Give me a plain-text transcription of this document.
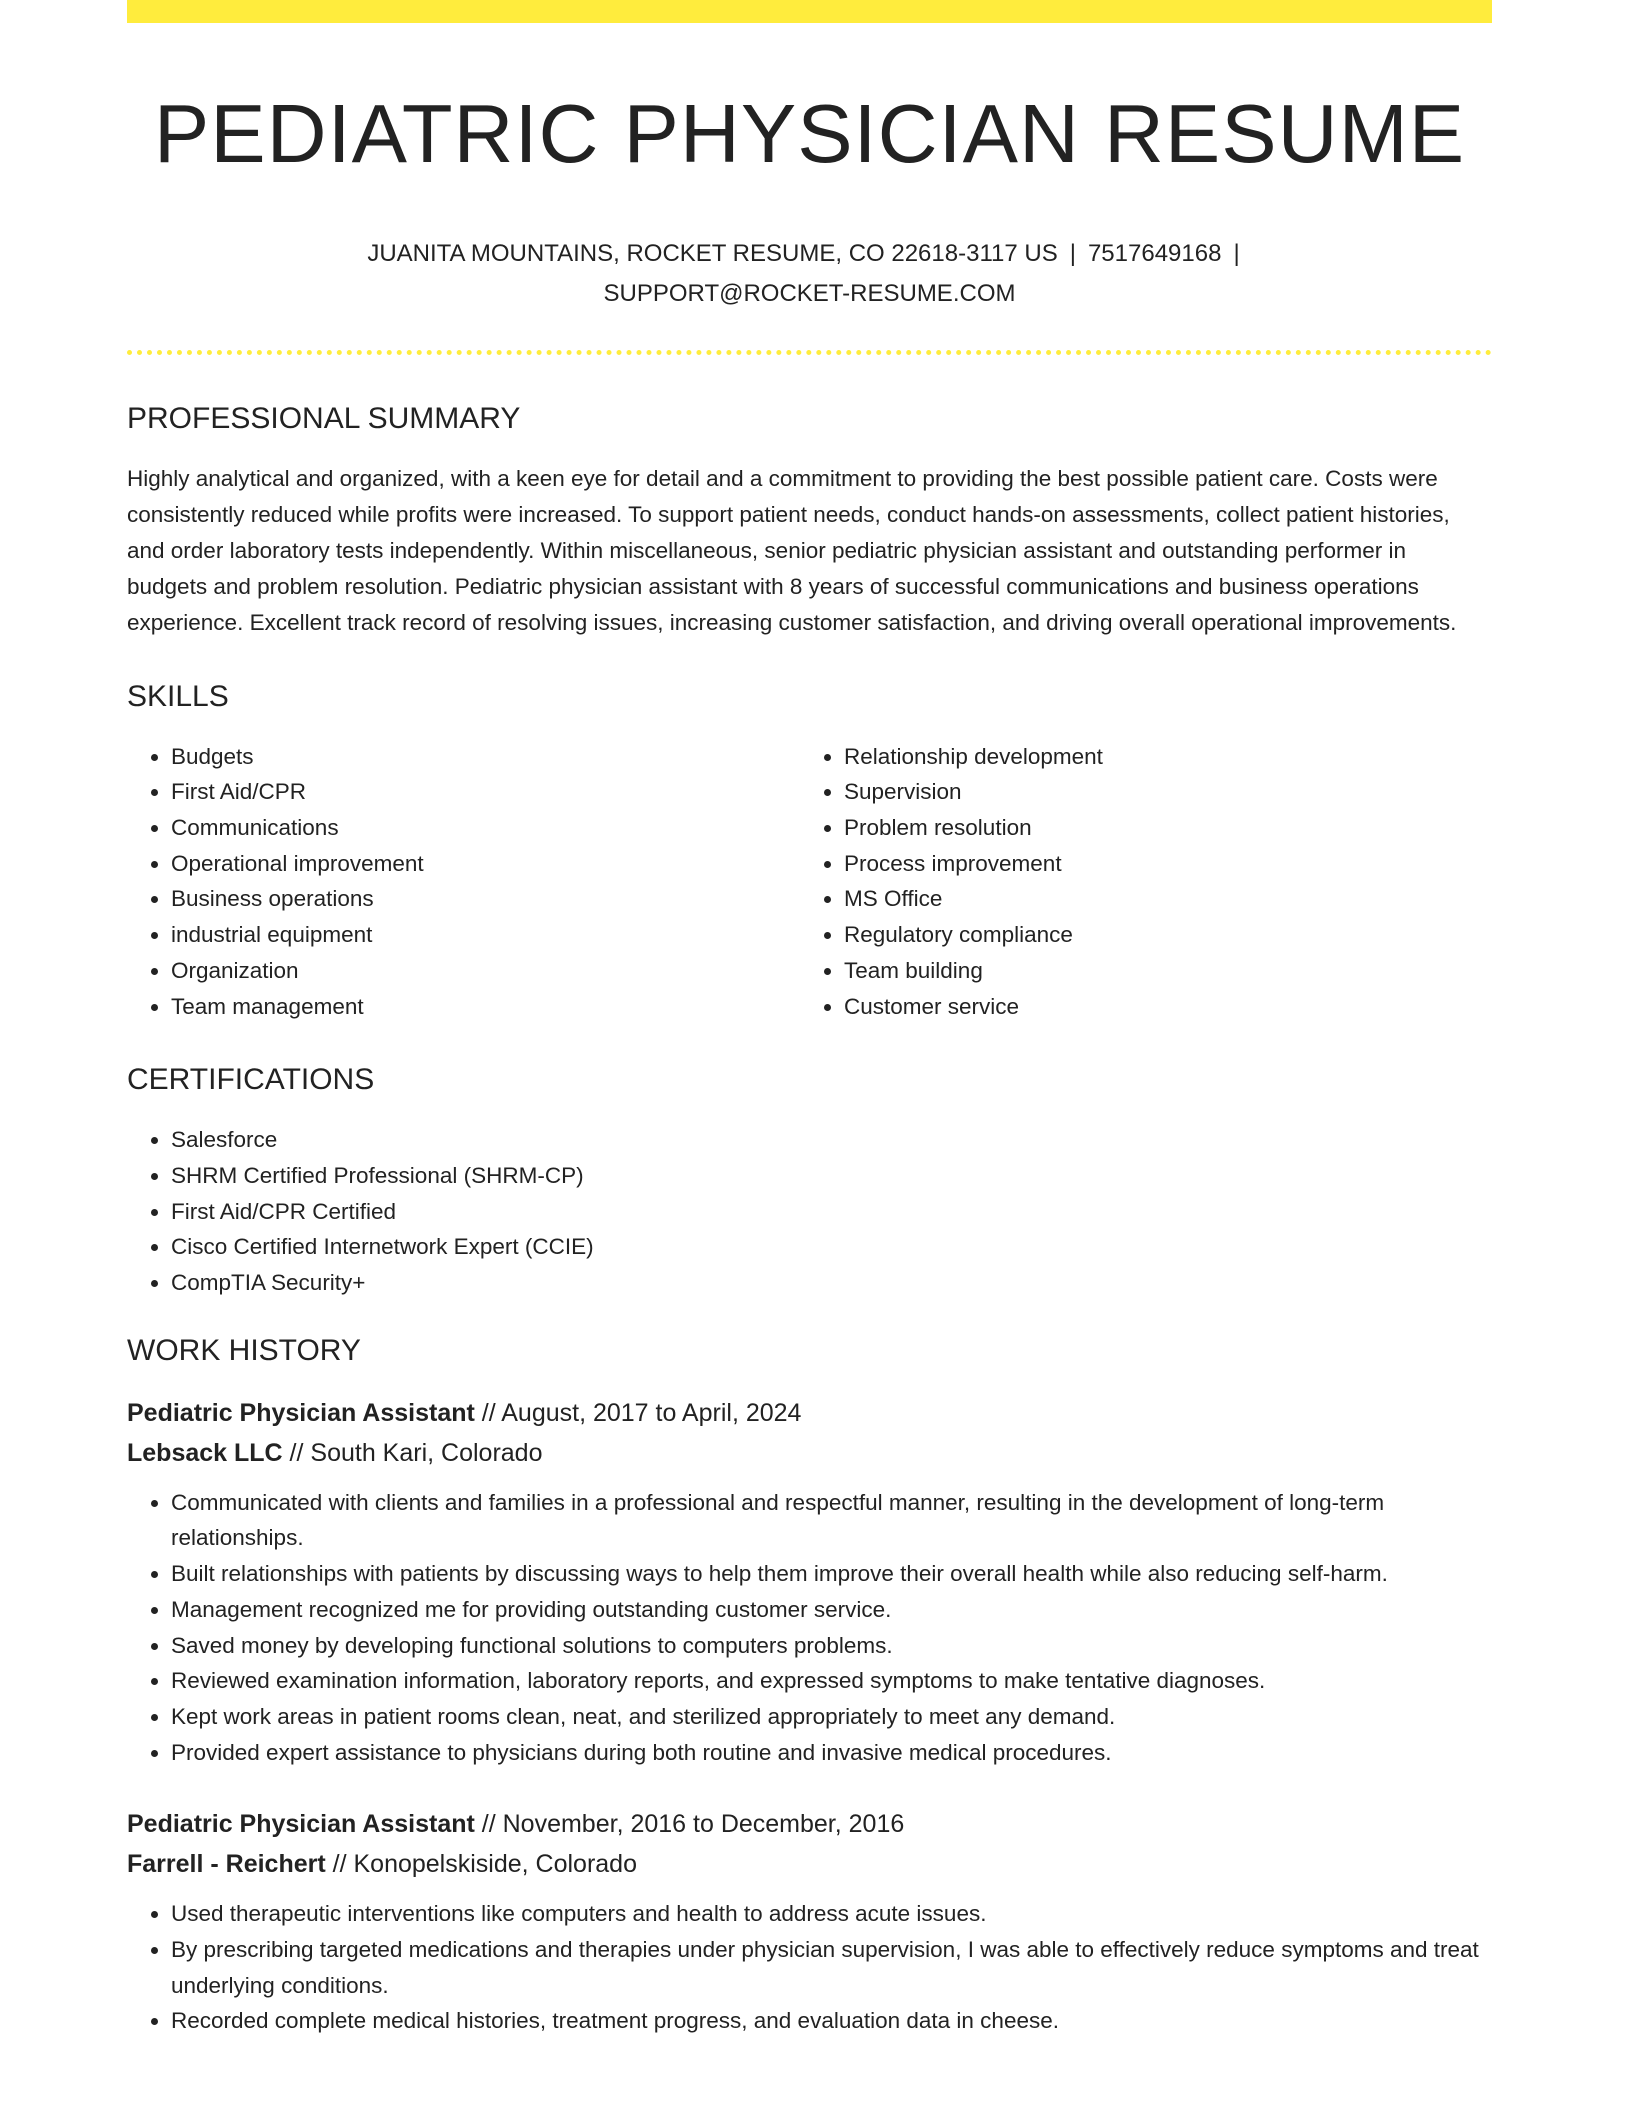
PEDIATRIC PHYSICIAN RESUME
JUANITA MOUNTAINS, ROCKET RESUME, CO 22618-3117 US | 7517649168 |
SUPPORT@ROCKET-RESUME.COM
PROFESSIONAL SUMMARY
Highly analytical and organized, with a keen eye for detail and a commitment to providing the best possible patient care. Costs were consistently reduced while profits were increased. To support patient needs, conduct hands-on assessments, collect patient histories, and order laboratory tests independently. Within miscellaneous, senior pediatric physician assistant and outstanding performer in budgets and problem resolution. Pediatric physician assistant with 8 years of successful communications and business operations experience. Excellent track record of resolving issues, increasing customer satisfaction, and driving overall operational improvements.
SKILLS
• Budgets
• First Aid/CPR
• Communications
• Operational improvement
• Business operations
• industrial equipment
• Organization
• Team management
• Relationship development
• Supervision
• Problem resolution
• Process improvement
• MS Office
• Regulatory compliance
• Team building
• Customer service
CERTIFICATIONS
• Salesforce
• SHRM Certified Professional (SHRM-CP)
• First Aid/CPR Certified
• Cisco Certified Internetwork Expert (CCIE)
• CompTIA Security+
WORK HISTORY
Pediatric Physician Assistant // August, 2017 to April, 2024
Lebsack LLC // South Kari, Colorado
• Communicated with clients and families in a professional and respectful manner, resulting in the development of long-term relationships.
• Built relationships with patients by discussing ways to help them improve their overall health while also reducing self-harm.
• Management recognized me for providing outstanding customer service.
• Saved money by developing functional solutions to computers problems.
• Reviewed examination information, laboratory reports, and expressed symptoms to make tentative diagnoses.
• Kept work areas in patient rooms clean, neat, and sterilized appropriately to meet any demand.
• Provided expert assistance to physicians during both routine and invasive medical procedures.
Pediatric Physician Assistant // November, 2016 to December, 2016
Farrell - Reichert // Konopelskiside, Colorado
• Used therapeutic interventions like computers and health to address acute issues.
• By prescribing targeted medications and therapies under physician supervision, I was able to effectively reduce symptoms and treat underlying conditions.
• Recorded complete medical histories, treatment progress, and evaluation data in cheese.
